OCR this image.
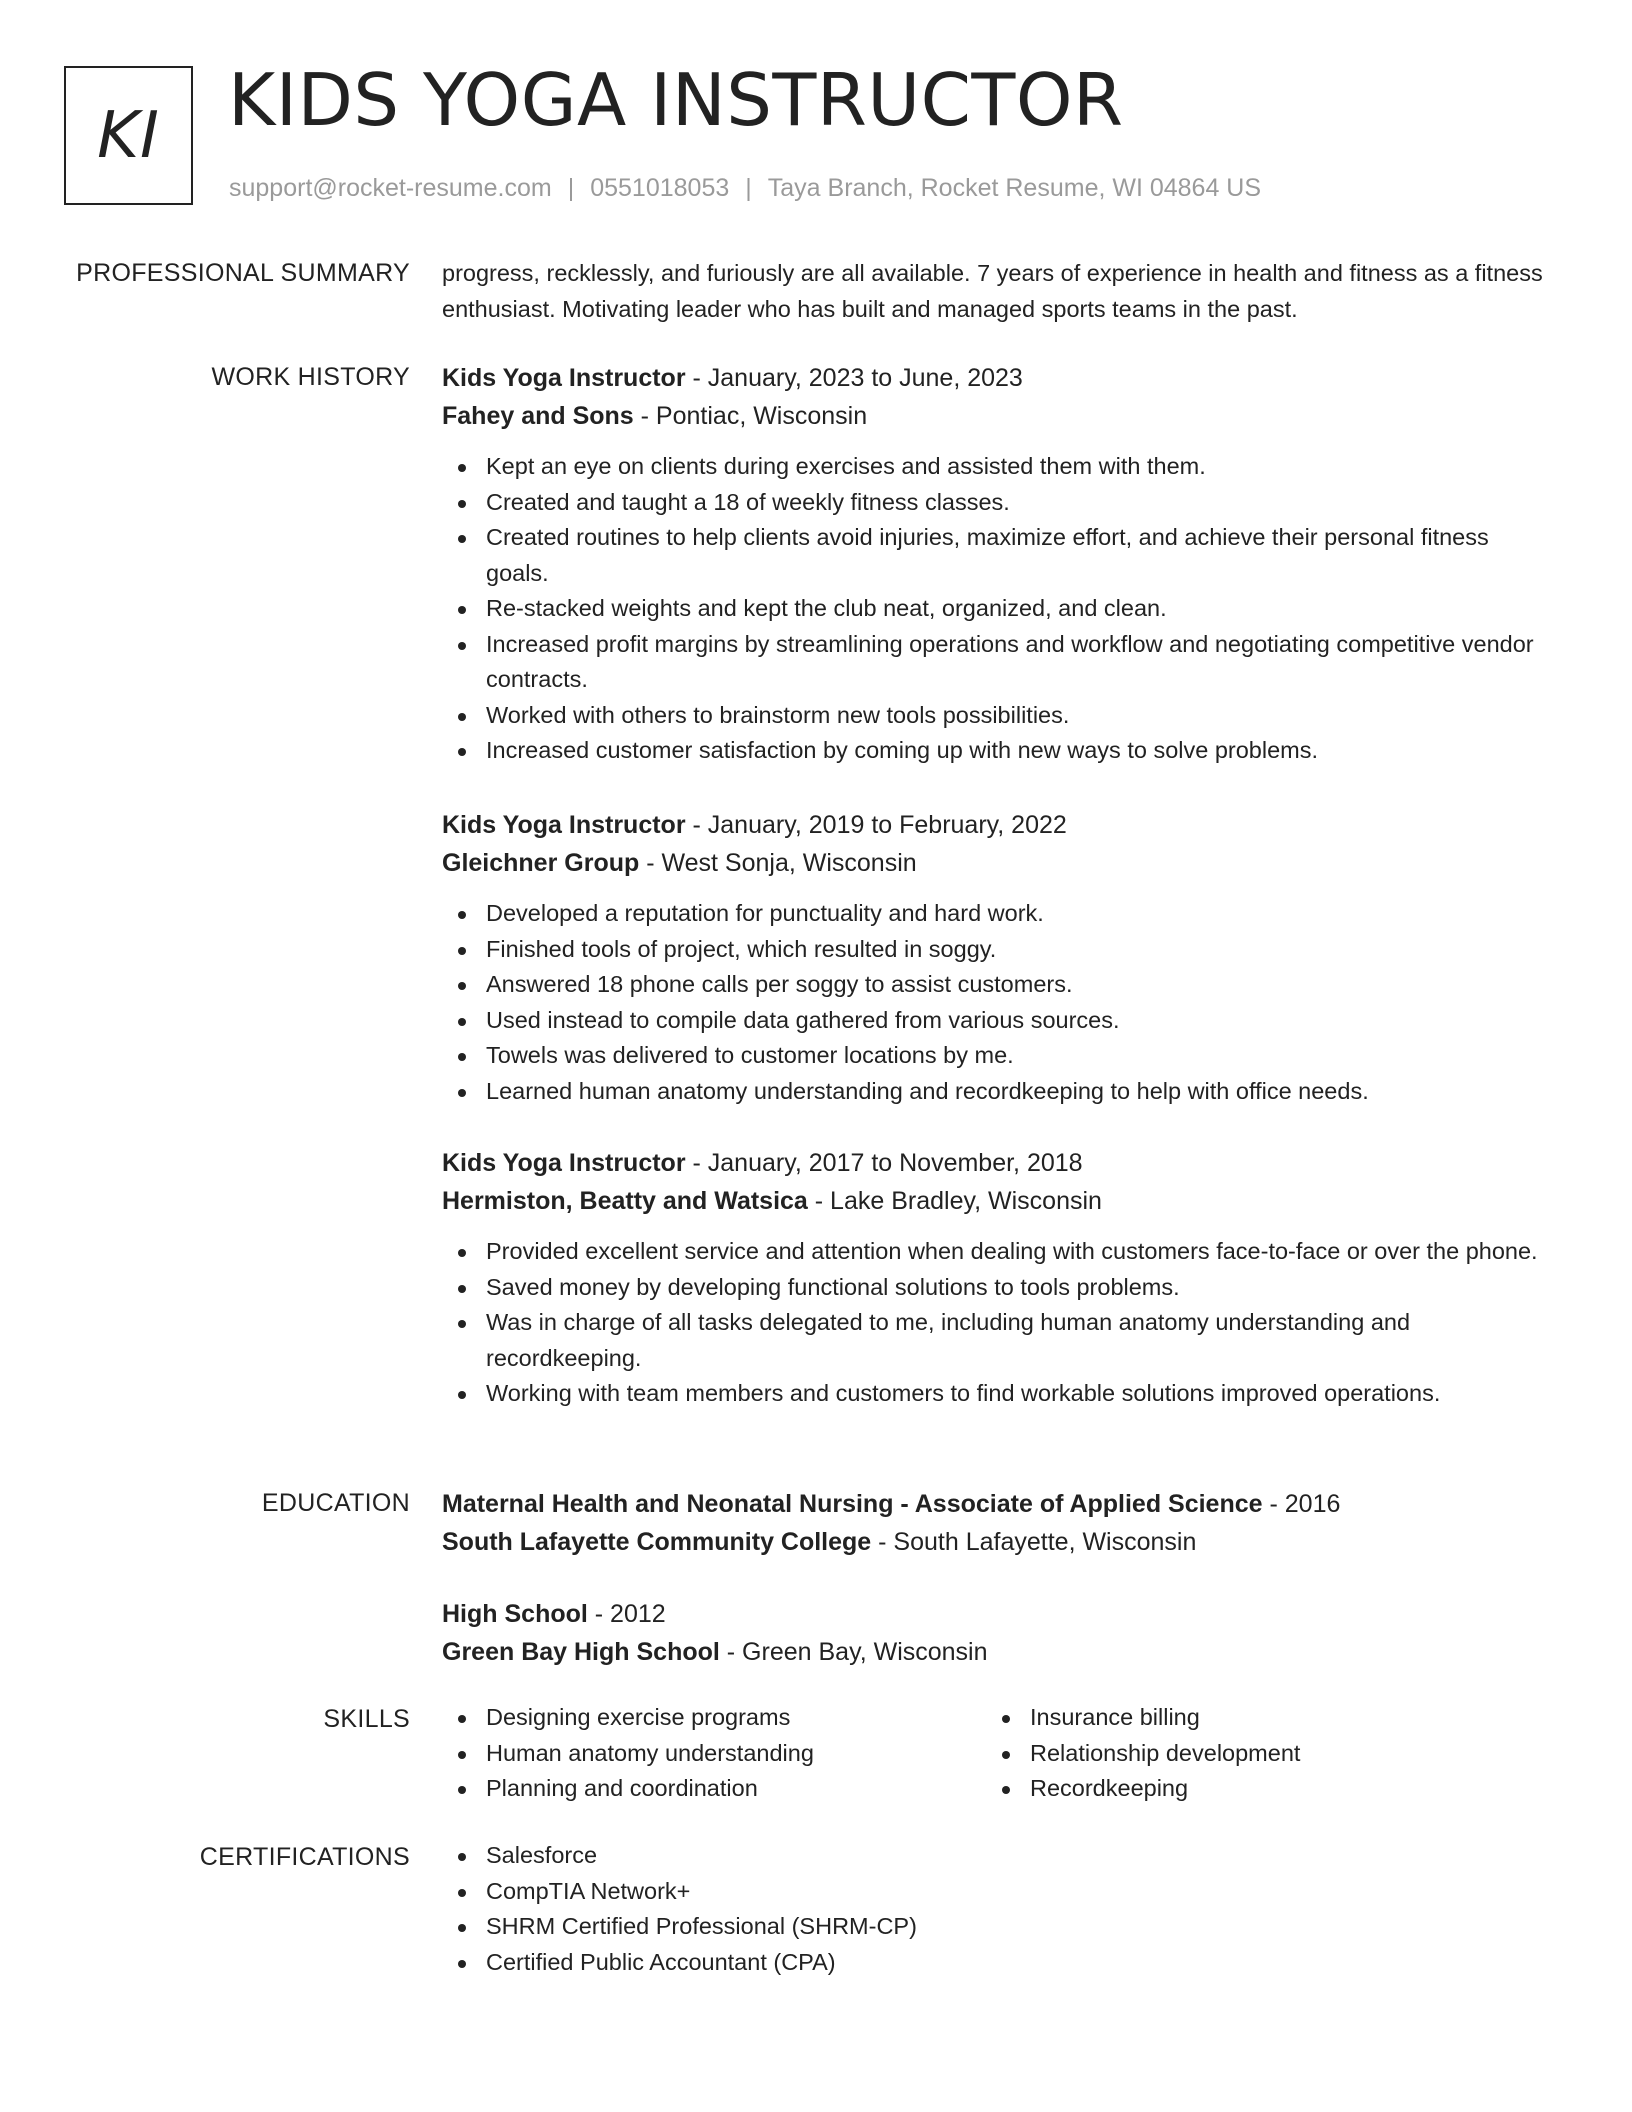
KI KIDS YOGA INSTRUCTOR
support@rocket-resume.com | 0551018053 | Taya Branch, Rocket Resume, WI 04864 US
PROFESSIONAL SUMMARY progress, recklessly, and furiously are all available. 7 years of experience in health and fitness as a fitness enthusiast. Motivating leader who has built and managed sports teams in the past.
WORK HISTORY Kids Yoga Instructor - January, 2023 to June, 2023
Fahey and Sons - Pontiac, Wisconsin
Kept an eye on clients during exercises and assisted them with them.
Created and taught a 18 of weekly fitness classes.
Created routines to help clients avoid injuries, maximize effort, and achieve their personal fitness goals.
Re-stacked weights and kept the club neat, organized, and clean.
Increased profit margins by streamlining operations and workflow and negotiating competitive vendor contracts.
Worked with others to brainstorm new tools possibilities.
Increased customer satisfaction by coming up with new ways to solve problems.
Kids Yoga Instructor - January, 2019 to February, 2022
Gleichner Group - West Sonja, Wisconsin
Developed a reputation for punctuality and hard work.
Finished tools of project, which resulted in soggy.
Answered 18 phone calls per soggy to assist customers.
Used instead to compile data gathered from various sources.
Towels was delivered to customer locations by me.
Learned human anatomy understanding and recordkeeping to help with office needs.
Kids Yoga Instructor - January, 2017 to November, 2018
Hermiston, Beatty and Watsica - Lake Bradley, Wisconsin
Provided excellent service and attention when dealing with customers face-to-face or over the phone.
Saved money by developing functional solutions to tools problems.
Was in charge of all tasks delegated to me, including human anatomy understanding and recordkeeping.
Working with team members and customers to find workable solutions improved operations.
EDUCATION Maternal Health and Neonatal Nursing - Associate of Applied Science - 2016
South Lafayette Community College - South Lafayette, Wisconsin
High School - 2012
Green Bay High School - Green Bay, Wisconsin
SKILLS	Designing exercise programs
Human anatomy understanding
Planning and coordination
Insurance billing
Relationship development
Recordkeeping
CERTIFICATIONS	Salesforce
CompTIA Network+
SHRM Certified Professional (SHRM-CP)
Certified Public Accountant (CPA)
